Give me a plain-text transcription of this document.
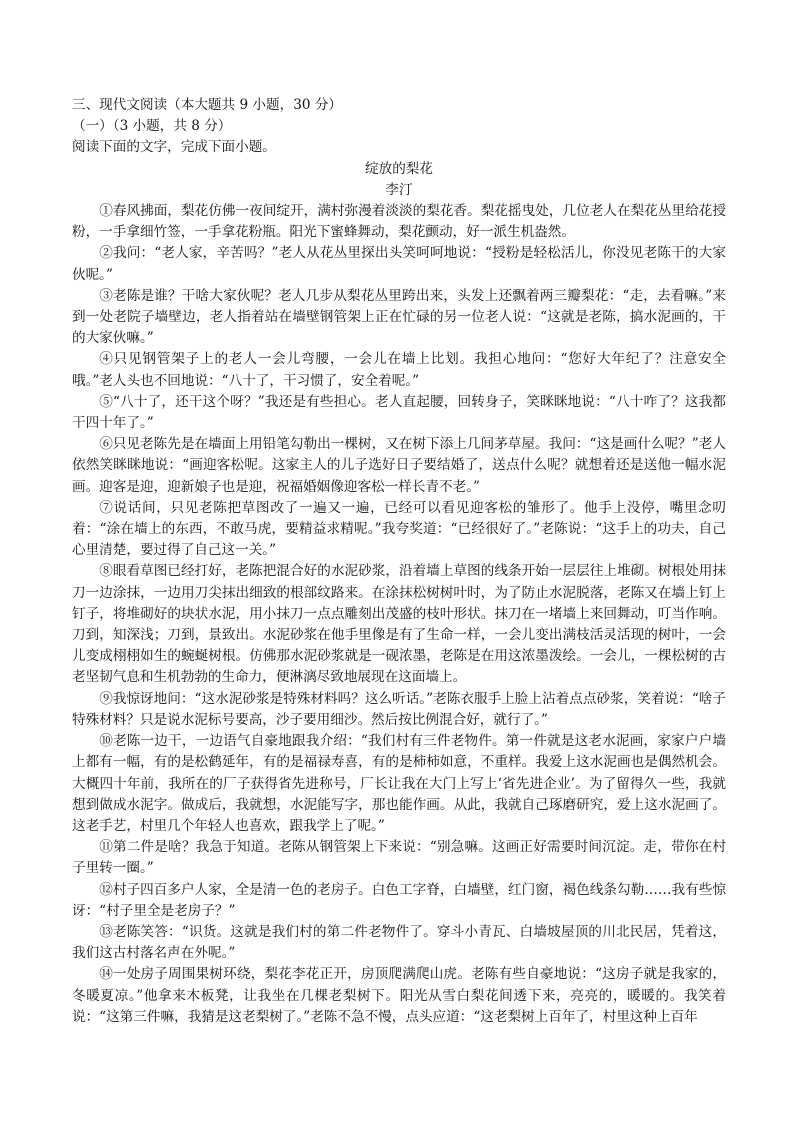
三、现代文阅读（本大题共 9 小题，30 分）

（一）（3 小题，共 8 分）

阅读下面的文字，完成下面小题。

绽放的梨花

李汀

①春风拂面，梨花仿佛一夜间绽开，满村弥漫着淡淡的梨花香。梨花摇曳处，几位老人在梨花丛里给花授粉，一手拿细竹签，一手拿花粉瓶。阳光下蜜蜂舞动，梨花颤动，好一派生机盎然。

②我问：“老人家，辛苦吗？”老人从花丛里探出头笑呵呵地说：“授粉是轻松活儿，你没见老陈干的大家伙呢。”

③老陈是谁？干啥大家伙呢？老人几步从梨花丛里跨出来，头发上还飘着两三瓣梨花：“走，去看嘛。”来到一处老院子墙壁边，老人指着站在墙壁钢管架上正在忙碌的另一位老人说：“这就是老陈，搞水泥画的，干的大家伙嘛。”

④只见钢管架子上的老人一会儿弯腰，一会儿在墙上比划。我担心地问：“您好大年纪了？注意安全哦。”老人头也不回地说：“八十了，干习惯了，安全着呢。”

⑤“八十了，还干这个呀？”我还是有些担心。老人直起腰，回转身子，笑眯眯地说：“八十咋了？这我都干四十年了。”

⑥只见老陈先是在墙面上用铅笔勾勒出一棵树，又在树下添上几间茅草屋。我问：“这是画什么呢？”老人依然笑眯眯地说：“画迎客松呢。这家主人的儿子选好日子要结婚了，送点什么呢？就想着还是送他一幅水泥画。迎客是迎，迎新娘子也是迎，祝福婚姻像迎客松一样长青不老。”

⑦说话间，只见老陈把草图改了一遍又一遍，已经可以看见迎客松的雏形了。他手上没停，嘴里念叨着：“涂在墙上的东西，不敢马虎，要精益求精呢。”我夸奖道：“已经很好了。”老陈说：“这手上的功夫，自己心里清楚，要过得了自己这一关。”

⑧眼看草图已经打好，老陈把混合好的水泥砂浆，沿着墙上草图的线条开始一层层往上堆砌。树根处用抹刀一边涂抹，一边用刀尖抹出细致的根部纹路来。在涂抹松树树叶时，为了防止水泥脱落，老陈又在墙上钉上钉子，将堆砌好的块状水泥，用小抹刀一点点雕刻出茂盛的枝叶形状。抹刀在一堵墙上来回舞动，叮当作响。刀到，知深浅；刀到，景致出。水泥砂浆在他手里像是有了生命一样，一会儿变出满枝活灵活现的树叶，一会儿变成栩栩如生的蜿蜒树根。仿佛那水泥砂浆就是一砚浓墨，老陈是在用这浓墨泼绘。一会儿，一棵松树的古老坚韧气息和生机勃勃的生命力，便淋漓尽致地展现在这面墙上。

⑨我惊讶地问：“这水泥砂浆是特殊材料吗？这么听话。”老陈衣服手上脸上沾着点点砂浆，笑着说：“啥子特殊材料？只是说水泥标号要高，沙子要用细沙。然后按比例混合好，就行了。”

⑩老陈一边干，一边语气自豪地跟我介绍：“我们村有三件老物件。第一件就是这老水泥画，家家户户墙上都有一幅，有的是松鹤延年，有的是福禄寿喜，有的是柿柿如意，不重样。我爱上这水泥画也是偶然机会。大概四十年前，我所在的厂子获得省先进称号，厂长让我在大门上写上‘省先进企业’。为了留得久一些，我就想到做成水泥字。做成后，我就想，水泥能写字，那也能作画。从此，我就自己琢磨研究，爱上这水泥画了。这老手艺，村里几个年轻人也喜欢，跟我学上了呢。”

⑪第二件是啥？我急于知道。老陈从钢管架上下来说：“别急嘛。这画正好需要时间沉淀。走，带你在村子里转一圈。”

⑫村子四百多户人家，全是清一色的老房子。白色工字脊，白墙壁，红门窗，褐色线条勾勒……我有些惊讶：“村子里全是老房子？”

⑬老陈笑答：“识货。这就是我们村的第二件老物件了。穿斗小青瓦、白墙坡屋顶的川北民居，凭着这，我们这古村落名声在外呢。”

⑭一处房子周围果树环绕，梨花李花正开，房顶爬满爬山虎。老陈有些自豪地说：“这房子就是我家的，冬暖夏凉。”他拿来木板凳，让我坐在几棵老梨树下。阳光从雪白梨花间透下来，亮亮的，暖暖的。我笑着说：“这第三件嘛，我猜是这老梨树了。”老陈不急不慢，点头应道：“这老梨树上百年了，村里这种上百年
